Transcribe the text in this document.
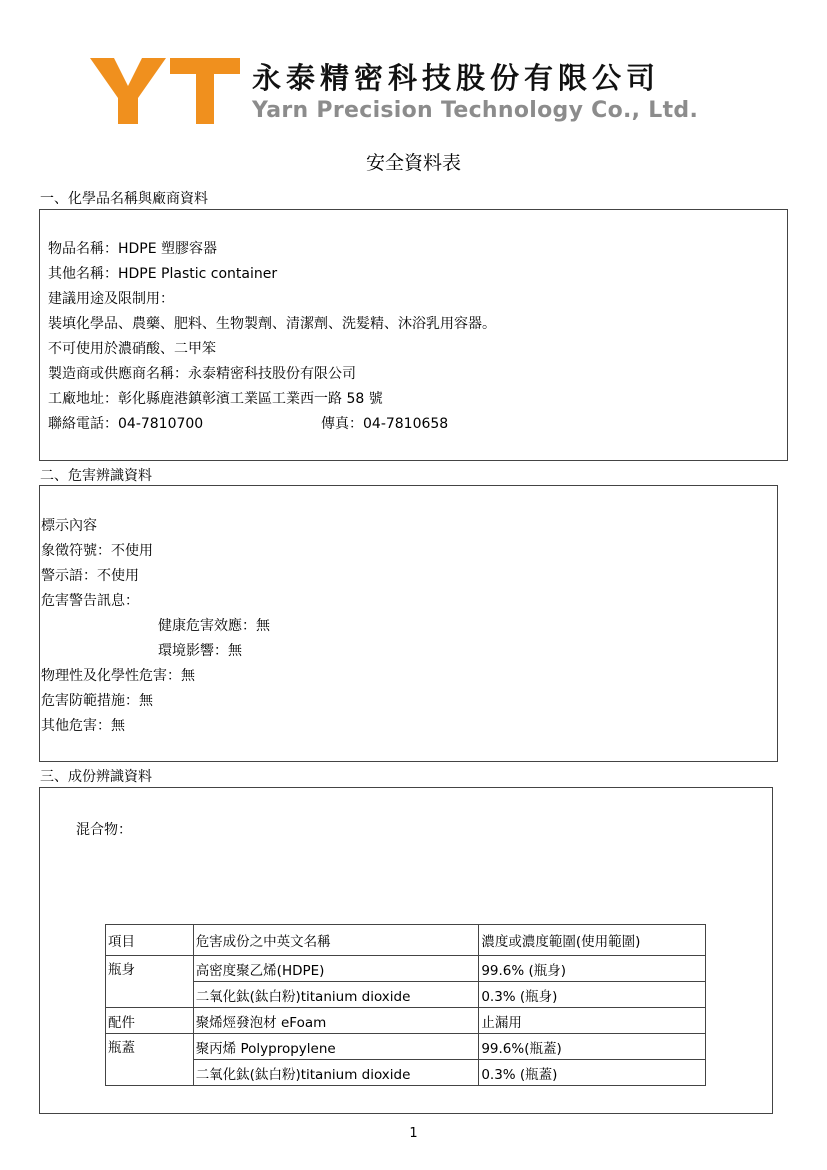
永泰精密科技股份有限公司
Yarn Precision Technology Co., Ltd.
安全資料表
一、化學品名稱與廠商資料
物品名稱：HDPE 塑膠容器
其他名稱：HDPE Plastic container
建議用途及限制用：
裝填化學品、農藥、肥料、生物製劑、清潔劑、洗髮精、沐浴乳用容器。
不可使用於濃硝酸、二甲笨
製造商或供應商名稱：永泰精密科技股份有限公司
工廠地址：彰化縣鹿港鎮彰濱工業區工業西一路 58 號
聯絡電話：04-7810700	傳真：04-7810658
二、危害辨識資料
標示內容
象徵符號：不使用
警示語：不使用
危害警告訊息：
健康危害效應：無
環境影響：無
物理性及化學性危害：無
危害防範措施：無
其他危害：無
三、成份辨識資料
混合物：
項目	危害成份之中英文名稱	濃度或濃度範圍(使用範圍)
瓶身	高密度聚乙烯(HDPE)	99.6% (瓶身)
	二氧化鈦(鈦白粉)titanium dioxide	0.3% (瓶身)
配件	聚烯烴發泡材 eFoam	止漏用
瓶蓋	聚丙烯 Polypropylene	99.6%(瓶蓋)
	二氧化鈦(鈦白粉)titanium dioxide	0.3% (瓶蓋)
1
